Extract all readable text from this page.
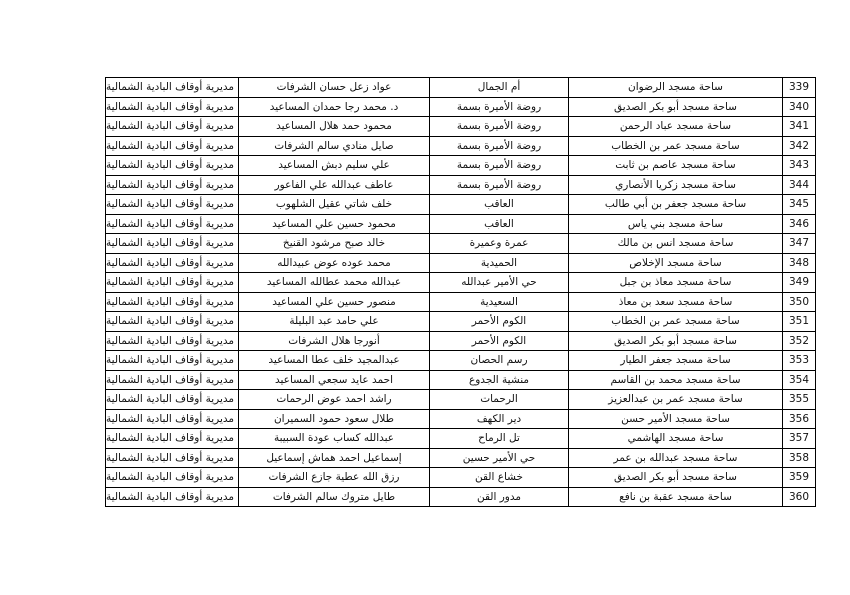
339	ساحة مسجد الرضوان	أم الجمال	عواد زعل حسان الشرفات	مديرية أوقاف البادية الشمالية
340	ساحة مسجد أبو بكر الصديق	روضة الأميرة بسمة	د. محمد رجا حمدان المساعيد	مديرية أوقاف البادية الشمالية
341	ساحة مسجد عباد الرحمن	روضة الأميرة بسمة	محمود حمد هلال المساعيد	مديرية أوقاف البادية الشمالية
342	ساحة مسجد عمر بن الخطاب	روضة الأميرة بسمة	صايل منادي سالم الشرفات	مديرية أوقاف البادية الشمالية
343	ساحة مسجد عاصم بن ثابت	روضة الأميرة بسمة	علي سليم دبش المساعيد	مديرية أوقاف البادية الشمالية
344	ساحة مسجد زكريا الأنصاري	روضة الأميرة بسمة	عاطف عبدالله علي الفاعور	مديرية أوقاف البادية الشمالية
345	ساحة مسجد جعفر بن أبي طالب	العاقب	خلف شاتي عقيل الشلهوب	مديرية أوقاف البادية الشمالية
346	ساحة مسجد بني ياس	العاقب	محمود حسين علي المساعيد	مديرية أوقاف البادية الشمالية
347	ساحة مسجد انس بن مالك	عمرة وعميرة	خالد صبح مرشود القنيخ	مديرية أوقاف البادية الشمالية
348	ساحة مسجد الإخلاص	الحميدية	محمد عوده عوض عبيدالله	مديرية أوقاف البادية الشمالية
349	ساحة مسجد معاذ بن جبل	حي الأمير عبدالله	عبدالله محمد عطالله المساعيد	مديرية أوقاف البادية الشمالية
350	ساحة مسجد سعد بن معاذ	السعيدية	منصور حسين علي المساعيد	مديرية أوقاف البادية الشمالية
351	ساحة مسجد عمر بن الخطاب	الكوم الأحمر	علي حامد عبد البليلة	مديرية أوقاف البادية الشمالية
352	ساحة مسجد أبو بكر الصديق	الكوم الأحمر	أنورجا هلال الشرفات	مديرية أوقاف البادية الشمالية
353	ساحة مسجد جعفر الطيار	رسم الحصان	عبدالمجيد خلف عطا المساعيد	مديرية أوقاف البادية الشمالية
354	ساحة مسجد محمد بن القاسم	منشية الجدوع	احمد عايد سجعي المساعيد	مديرية أوقاف البادية الشمالية
355	ساحة مسجد عمر بن عبدالعزيز	الرحمات	راشد احمد عوض الرحمات	مديرية أوقاف البادية الشمالية
356	ساحة مسجد الأمير حسن	دير الكهف	طلال سعود حمود السميران	مديرية أوقاف البادية الشمالية
357	ساحة مسجد الهاشمي	تل الرماح	عبدالله كساب عودة السبيبة	مديرية أوقاف البادية الشمالية
358	ساحة مسجد عبدالله بن عمر	حي الأمير حسين	إسماعيل احمد هماش إسماعيل	مديرية أوقاف البادية الشمالية
359	ساحة مسجد أبو بكر الصديق	خشاع القن	رزق الله عطية جازع الشرفات	مديرية أوقاف البادية الشمالية
360	ساحة مسجد عقبة بن نافع	مدور القن	طايل متروك سالم الشرفات	مديرية أوقاف البادية الشمالية
